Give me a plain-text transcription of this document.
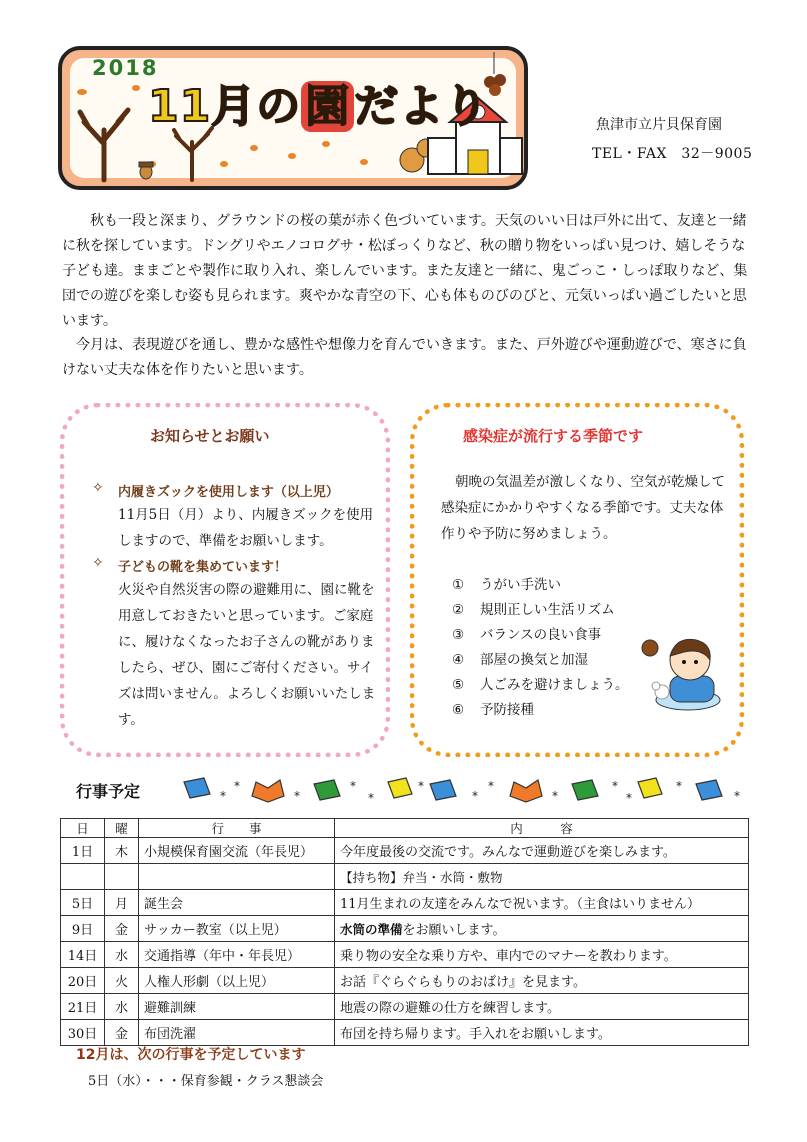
2018
11月の園だより	魚津市立片貝保育園
TEL・FAX　32－9005
秋も一段と深まり、グラウンドの桜の葉が赤く色づいています。天気のいい日は戸外に出て、友達と一緒に秋を探しています。ドングリやエノコログサ・松ぼっくりなど、秋の贈り物をいっぱい見つけ、嬉しそうな子ども達。ままごとや製作に取り入れ、楽しんでいます。また友達と一緒に、鬼ごっこ・しっぽ取りなど、集団での遊びを楽しむ姿も見られます。爽やかな青空の下、心も体ものびのびと、元気いっぱい過ごしたいと思います。
今月は、表現遊びを通し、豊かな感性や想像力を育んでいきます。また、戸外遊びや運動遊びで、寒さに負けない丈夫な体を作りたいと思います。
お知らせとお願い
✧ 内履きズックを使用します（以上児）
11月5日（月）より、内履きズックを使用しますので、準備をお願いします。
✧ 子どもの靴を集めています！
火災や自然災害の際の避難用に、園に靴を用意しておきたいと思っています。ご家庭に、履けなくなったお子さんの靴がありましたら、ぜひ、園にご寄付ください。サイズは問いません。よろしくお願いいたします。
感染症が流行する季節です
朝晩の気温差が激しくなり、空気が乾燥して感染症にかかりやすくなる季節です。丈夫な体作りや予防に努めましょう。
① うがい手洗い
② 規則正しい生活リズム
③ バランスの良い食事
④ 部屋の換気と加湿
⑤ 人ごみを避けましょう。
⑥ 予防接種
行事予定	*
*
*
*
*
*
*
*
*
*
*
*
*
日	曜	行　　事	内　　　容
1日	木	小規模保育園交流（年長児）	今年度最後の交流です。みんなで運動遊びを楽しみます。
			【持ち物】弁当・水筒・敷物
5日	月	誕生会	11月生まれの友達をみんなで祝います。（主食はいりません）
9日	金	サッカー教室（以上児）	水筒の準備をお願いします。
14日	水	交通指導（年中・年長児）	乗り物の安全な乗り方や、車内でのマナーを教わります。
20日	火	人権人形劇（以上児）	お話『ぐらぐらもりのおばけ』を見ます。
21日	水	避難訓練	地震の際の避難の仕方を練習します。
30日	金	布団洗濯	布団を持ち帰ります。手入れをお願いします。
12月は、次の行事を予定しています
5日（水）・・・保育参観・クラス懇談会
